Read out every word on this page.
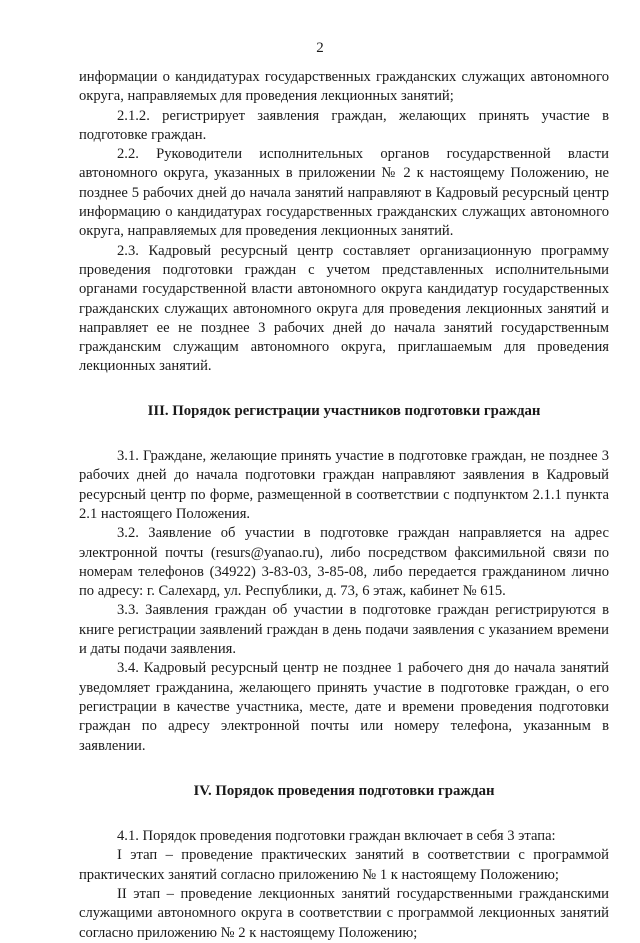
2

информации о кандидатурах государственных гражданских служащих автономного округа, направляемых для проведения лекционных занятий;

2.1.2. регистрирует заявления граждан, желающих принять участие в подготовке граждан.

2.2. Руководители исполнительных органов государственной власти автономного округа, указанных в приложении № 2 к настоящему Положению, не позднее 5 рабочих дней до начала занятий направляют в Кадровый ресурсный центр информацию о кандидатурах государственных гражданских служащих автономного округа, направляемых для проведения лекционных занятий.

2.3. Кадровый ресурсный центр составляет организационную программу проведения подготовки граждан с учетом представленных исполнительными органами государственной власти автономного округа кандидатур государственных гражданских служащих автономного округа для проведения лекционных занятий и направляет ее не позднее 3 рабочих дней до начала занятий государственным гражданским служащим автономного округа, приглашаемым для проведения лекционных занятий.

III. Порядок регистрации участников подготовки граждан

3.1. Граждане, желающие принять участие в подготовке граждан, не позднее 3 рабочих дней до начала подготовки граждан направляют заявления в Кадровый ресурсный центр по форме, размещенной в соответствии с подпунктом 2.1.1 пункта 2.1 настоящего Положения.

3.2. Заявление об участии в подготовке граждан направляется на адрес электронной почты (resurs@yanao.ru), либо посредством факсимильной связи по номерам телефонов (34922) 3-83-03, 3-85-08, либо передается гражданином лично по адресу: г. Салехард, ул. Республики, д. 73, 6 этаж, кабинет № 615.

3.3. Заявления граждан об участии в подготовке граждан регистрируются в книге регистрации заявлений граждан в день подачи заявления с указанием времени и даты подачи заявления.

3.4. Кадровый ресурсный центр не позднее 1 рабочего дня до начала занятий уведомляет гражданина, желающего принять участие в подготовке граждан, о его регистрации в качестве участника, месте, дате и времени проведения подготовки граждан по адресу электронной почты или номеру телефона, указанным в заявлении.

IV. Порядок проведения подготовки граждан

4.1. Порядок проведения подготовки граждан включает в себя 3 этапа:

I этап – проведение практических занятий в соответствии с программой практических занятий согласно приложению № 1 к настоящему Положению;

II этап – проведение лекционных занятий государственными гражданскими служащими автономного округа в соответствии с программой лекционных занятий согласно приложению № 2 к настоящему Положению;
